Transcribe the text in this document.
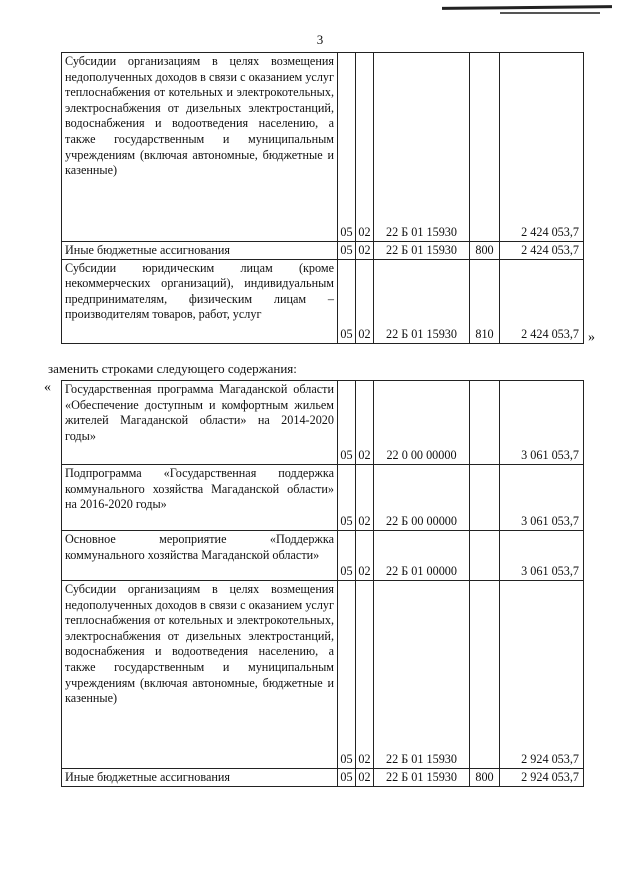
3
Субсидии организациям в целях возмещения недополученных доходов в связи с оказанием услуг теплоснабжения от котельных и электрокотельных, электроснабжения от дизельных электростанций, водоснабжения и водоотведения населению, а также государственным и муниципальным учреждениям (включая автономные, бюджетные и казенные)	05	02	22 Б 01 15930		2 424 053,7
Иные бюджетные ассигнования	05	02	22 Б 01 15930	800	2 424 053,7
Субсидии юридическим лицам (кроме некоммерческих организаций), индивидуальным предпринимателям, физическим лицам – производителям товаров, работ, услуг	05	02	22 Б 01 15930	810	2 424 053,7 »
заменить строками следующего содержания:
« Государственная программа Магаданской области «Обеспечение доступным и комфортным жильем жителей Магаданской области» на 2014-2020 годы»	05	02	22 0 00 00000		3 061 053,7
Подпрограмма «Государственная поддержка коммунального хозяйства Магаданской области» на 2016-2020 годы»	05	02	22 Б 00 00000		3 061 053,7
Основное мероприятие «Поддержка коммунального хозяйства Магаданской области»	05	02	22 Б 01 00000		3 061 053,7
Субсидии организациям в целях возмещения недополученных доходов в связи с оказанием услуг теплоснабжения от котельных и электрокотельных, электроснабжения от дизельных электростанций, водоснабжения и водоотведения населению, а также государственным и муниципальным учреждениям (включая автономные, бюджетные и казенные)	05	02	22 Б 01 15930		2 924 053,7
Иные бюджетные ассигнования	05	02	22 Б 01 15930	800	2 924 053,7
